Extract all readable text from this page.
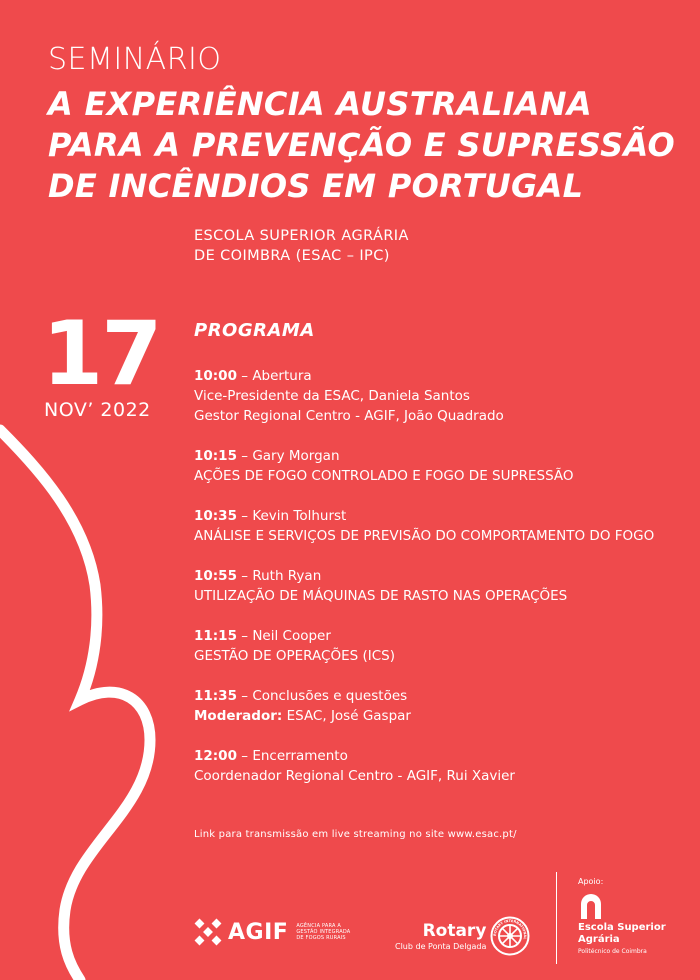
SEMINÁRIO
A EXPERIÊNCIA AUSTRALIANA
PARA A PREVENÇÃO E SUPRESSÃO
DE INCÊNDIOS EM PORTUGAL
ESCOLA SUPERIOR AGRÁRIA
DE COIMBRA (ESAC – IPC)
17
NOV’ 2022
PROGRAMA
10:00 – Abertura
Vice-Presidente da ESAC, Daniela Santos
Gestor Regional Centro - AGIF, João Quadrado
10:15 – Gary Morgan
AÇÕES DE FOGO CONTROLADO E FOGO DE SUPRESSÃO
10:35 – Kevin Tolhurst
ANÁLISE E SERVIÇOS DE PREVISÃO DO COMPORTAMENTO DO FOGO
10:55 – Ruth Ryan
UTILIZAÇÃO DE MÁQUINAS DE RASTO NAS OPERAÇÕES
11:15 – Neil Cooper
GESTÃO DE OPERAÇÕES (ICS)
11:35 – Conclusões e questões
Moderador: ESAC, José Gaspar
12:00 – Encerramento
Coordenador Regional Centro - AGIF, Rui Xavier
Link para transmissão em live streaming no site www.esac.pt/
AGIF AGÊNCIA PARA A GESTÃO INTEGRADA DE FOGOS RURAIS	Rotary
Club de Ponta Delgada
ROTARY INTERNATIONAL
Apoio:
Escola Superior
Agrária
Politécnico de Coimbra
